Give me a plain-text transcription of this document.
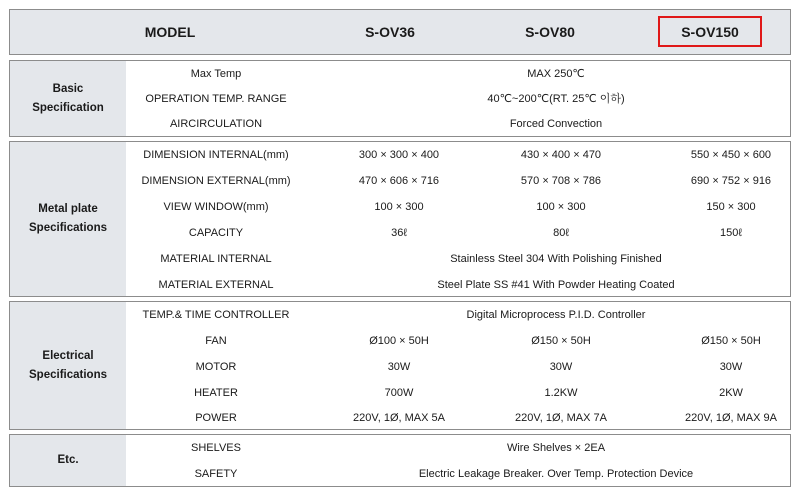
MODEL	S-OV36	S-OV80	S-OV150
Basic
Specification
Max Temp	MAX 250℃
OPERATION TEMP. RANGE	40℃~200℃(RT. 25℃ 이하)
AIRCIRCULATION	Forced Convection
Metal plate
Specifications
DIMENSION INTERNAL(mm)	300 × 300 × 400	430 × 400 × 470	550 × 450 × 600
DIMENSION EXTERNAL(mm)	470 × 606 × 716	570 × 708 × 786	690 × 752 × 916
VIEW WINDOW(mm)	100 × 300	100 × 300	150 × 300
CAPACITY	36ℓ	80ℓ	150ℓ
MATERIAL INTERNAL	Stainless Steel 304 With Polishing Finished
MATERIAL EXTERNAL	Steel Plate SS #41 With Powder Heating Coated
Electrical
Specifications
TEMP.& TIME CONTROLLER	Digital Microprocess P.I.D. Controller
FAN	Ø100 × 50H	Ø150 × 50H	Ø150 × 50H
MOTOR	30W	30W	30W
HEATER	700W	1.2KW	2KW
POWER	220V, 1Ø, MAX 5A	220V, 1Ø, MAX 7A	220V, 1Ø, MAX 9A
Etc.
SHELVES	Wire Shelves × 2EA
SAFETY	Electric Leakage Breaker. Over Temp. Protection Device
